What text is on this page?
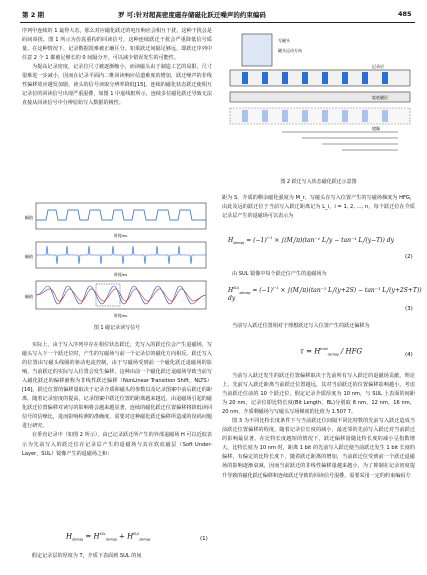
第 2 期	罗 可:针对超高密度磁存储磁化跃迁噪声的约束编码	485

序列中连续的 1 最得大态，那么对应磁化跃迁的电压响应会相互干扰，这种干扰会是码间串扰。图 1 所示为仿真重构的回读信号，这种连续跃迁干扰会严重降低信号质量。在这种情况下，记录数据很难被正确区分。如果跃迁间隔足够远，即跃迁序列中任意 2 个 1 都被足够长的 0 间隔分开，可以减少错误发生的可能性。

为提高记录密度，记录位尺寸被逐渐缩小，而读磁头由于制造工艺的局限，尺寸很难进一步减小，因而在记录平面内二维回读响应信道难度的增加，跃迁噪声的非线性偏移效应越发加剧。读头的信号读取分辨率降低[15]。连续的磁化状态跃迁使相互记录位的回读信号出现严重混叠，如图 1 中虚线框所示，连续多位磁化跃迁导致无法直接从回读信号中分辨原始写入数据的极性。

幅值
时间/ns
幅值
时间/ns
幅值
时间/ns
图 1 磁记录读写信号

实际上，由于写入序列中存在相位状态跃迁，先写入的跃迁位会产生退磁场，写磁头写入下一个跃迁位时，产生的写磁场与前一个记录位的磁化方向相反。跃迁写入的位置由写磁头线圈的驱动电流控制，由于写磁场受到前一个磁化跃迁退磁场的影响，当前跃迁的实际写入位置会发生偏移，这种由前一个磁化跃迁退磁场导致当前写入磁化跃迁的偏移被称为非线性跃迁偏移（NonLinear Transition Shift，NLTS）[16]。跃迁位置的偏移量取决于记录介质和磁头的参数以及记录图案中前后跃迁的距离。随着记录密度的提高，记录图案中跃迁位置的距离越来越近，由退磁场引起的磁化跃迁位置偏移对读写的影响将会越来越显著，连续的磁化跃迁位置偏移将降低读回信号的信噪比，进而影响检测的准确度，需要对这种磁化跃迁偏移所造成的误码问题进行研究。

在垂直记录中（如图 2 所示），由已记录跃迁所产生的外部退磁场 H 可以近似表示为先前写入的跃迁位在记录层产生的退磁场与其在软底磁层（Soft Under-Layer，SUL）镜像产生的退磁场之和：

$H_{demag} = H^{SUL}_{demag} + H^{SUL}_{demag}$	(1)

假定记录层的厚度为 T，介质下表面到 SUL 的间

写磁头
磁头运动方向
记录层
软底磁层
镜像
图 2 跃迁写入状态磁化跃迁示意图

距为 S，介质的剩余磁化强度为 M_r，写磁头在写入位置产生的写磁场梯度为 HFG，由此及远的跃迁位于当前写入跃迁距离记为 L_i，i = 1, 2, …, n，每个跃迁位在介质记录层产生的退磁场可以表示为

$H_{demag} = (-1)^{i-1} \times \int(M_r/\pi)(\tan^{-1}$ $L_i/y - \tan^{-1}$ $L_i/(y-T)$) dy
(2)

由 SUL 镜像中每个跃迁位产生的退磁场为

$H^{SUL}_{demag} = (-1)^{i-1} \times \int(M_r/\pi)(\tan^{-1}$ $L_i/(y+2S) - \tan^{-1}$ $L_i/(y+2S+T)$) dy
(3)

当前写入跃迁位置相对于理想跃迁写入位置产生的跃迁偏移为

$\tau = H^{total}_{demag}$ / HFG	(4)

当前写入跃迁发生的跃迁位置偏移取决于先前所有写入跃迁的退磁场贡献。理论上，先前写入跃迁距离当前跃迁位置越远，其对当前跃迁的位置偏移影响越小。考虑当前跃迁位前的 10 个跃迁位，假定记录介质厚度为 10 nm，与 SUL 上表面的间距为 20 nm，记录位即比特长度(Bit Length，BL)分别取 8 nm，12 nm，16 nm，20 nm，介质剩磁场与写磁头写场梯度的比值为 1.507 7。

图 3 为不同比特长度条件下与当前跃迁位间隔不同比特数的先前写入跃迁造成当前跃迁位置偏移的程度，随着记录位长度的减小，最近邻的先前写入跃迁对当前跃迁的影响最显著。在比特长度越短的情况下，跃迁偏移量随比特长度的减小呈指数增大，比特长度为 10 nm 时，距离 1 bit 的先前写入跃迁使当前跃迁发生 1 bit 长度的偏移，有偏定的比特长度下，随着跃迁距离的增加，当前跃迁位受到前一个跃迁退磁场的影响逐渐衰减，因而当前跃迁的非线性偏移量越来越小，为了抑制在记录密度提升导致的磁化跃迁偏移和连续跃迁导致的回读信号混叠，需要采用一定的约束编码方
